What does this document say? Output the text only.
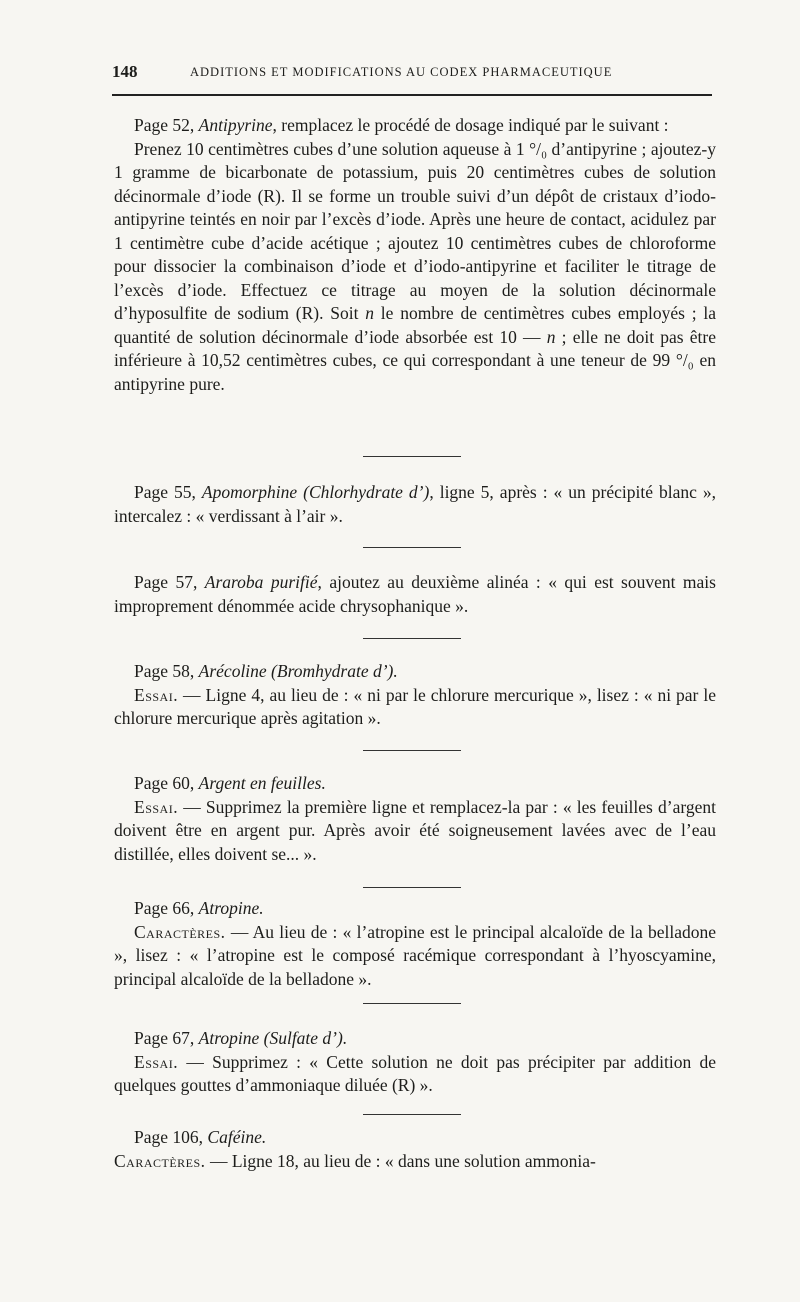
148	ADDITIONS ET MODIFICATIONS AU CODEX PHARMACEUTIQUE

Page 52, Antipyrine, remplacez le procédé de dosage indiqué par le suivant :

Prenez 10 centimètres cubes d’une solution aqueuse à 1 °/₀ d’antipyrine ; ajoutez-y 1 gramme de bicarbonate de potassium, puis 20 centimètres cubes de solution décinormale d’iode (R). Il se forme un trouble suivi d’un dépôt de cristaux d’iodo-antipyrine teintés en noir par l’excès d’iode. Après une heure de contact, acidulez par 1 centimètre cube d’acide acétique ; ajoutez 10 centimètres cubes de chloroforme pour dissocier la combinaison d’iode et d’iodo-antipyrine et faciliter le titrage de l’excès d’iode. Effectuez ce titrage au moyen de la solution décinormale d’hyposulfite de sodium (R). Soit n le nombre de centimètres cubes employés ; la quantité de solution décinormale d’iode absorbée est 10 — n ; elle ne doit pas être inférieure à 10,52 centimètres cubes, ce qui correspondant à une teneur de 99 °/₀ en antipyrine pure.

Page 55, Apomorphine (Chlorhydrate d’), ligne 5, après : « un précipité blanc », intercalez : « verdissant à l’air ».

Page 57, Araroba purifié, ajoutez au deuxième alinéa : « qui est souvent mais improprement dénommée acide chrysophanique ».

Page 58, Arécoline (Bromhydrate d’).

Essai. — Ligne 4, au lieu de : « ni par le chlorure mercurique », lisez : « ni par le chlorure mercurique après agitation ».

Page 60, Argent en feuilles.

Essai. — Supprimez la première ligne et remplacez-la par : « les feuilles d’argent doivent être en argent pur. Après avoir été soigneusement lavées avec de l’eau distillée, elles doivent se... ».

Page 66, Atropine.

Caractères. — Au lieu de : « l’atropine est le principal alcaloïde de la belladone », lisez : « l’atropine est le composé racémique correspondant à l’hyoscyamine, principal alcaloïde de la belladone ».

Page 67, Atropine (Sulfate d’).

Essai. — Supprimez : « Cette solution ne doit pas précipiter par addition de quelques gouttes d’ammoniaque diluée (R) ».

Page 106, Caféine.

Caractères. — Ligne 18, au lieu de : « dans une solution ammonia-
